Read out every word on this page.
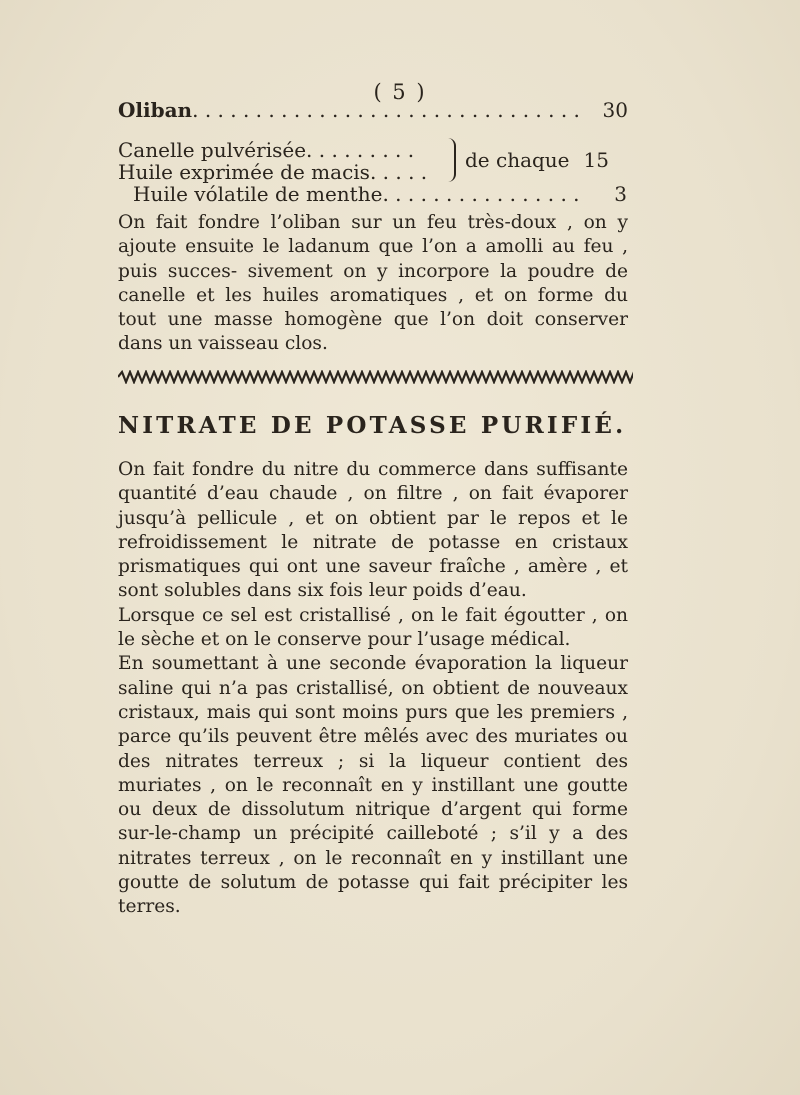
( 5 )
Oliban. . . . . . . . . . . . . . . . . . . . . . . . . . . . . . . 30
Canelle pulvérisée. . . . . . . . .
Huile exprimée de macis. . . . .	de chaque 15
Huile vólatile de menthe. . . . . . . . . . . . . . . . 3

On fait fondre l’oliban sur un feu très-doux , on y ajoute ensuite le ladanum que l’on a amolli au feu , puis succes- sivement on y incorpore la poudre de canelle et les huiles aromatiques , et on forme du tout une masse homogène que l’on doit conserver dans un vaisseau clos.

NITRATE DE POTASSE PURIFIÉ.

On fait fondre du nitre du commerce dans suffisante quantité d’eau chaude , on filtre , on fait évaporer jusqu’à pellicule , et on obtient par le repos et le refroidissement le nitrate de potasse en cristaux prismatiques qui ont une saveur fraîche , amère , et sont solubles dans six fois leur poids d’eau.

Lorsque ce sel est cristallisé , on le fait égoutter , on le sèche et on le conserve pour l’usage médical.

En soumettant à une seconde évaporation la liqueur saline qui n’a pas cristallisé, on obtient de nouveaux cristaux, mais qui sont moins purs que les premiers , parce qu’ils peuvent être mêlés avec des muriates ou des nitrates terreux ; si la liqueur contient des muriates , on le reconnaît en y instillant une goutte ou deux de dissolutum nitrique d’argent qui forme sur-le-champ un précipité cailleboté ; s’il y a des nitrates terreux , on le reconnaît en y instillant une goutte de solutum de potasse qui fait précipiter les terres.
